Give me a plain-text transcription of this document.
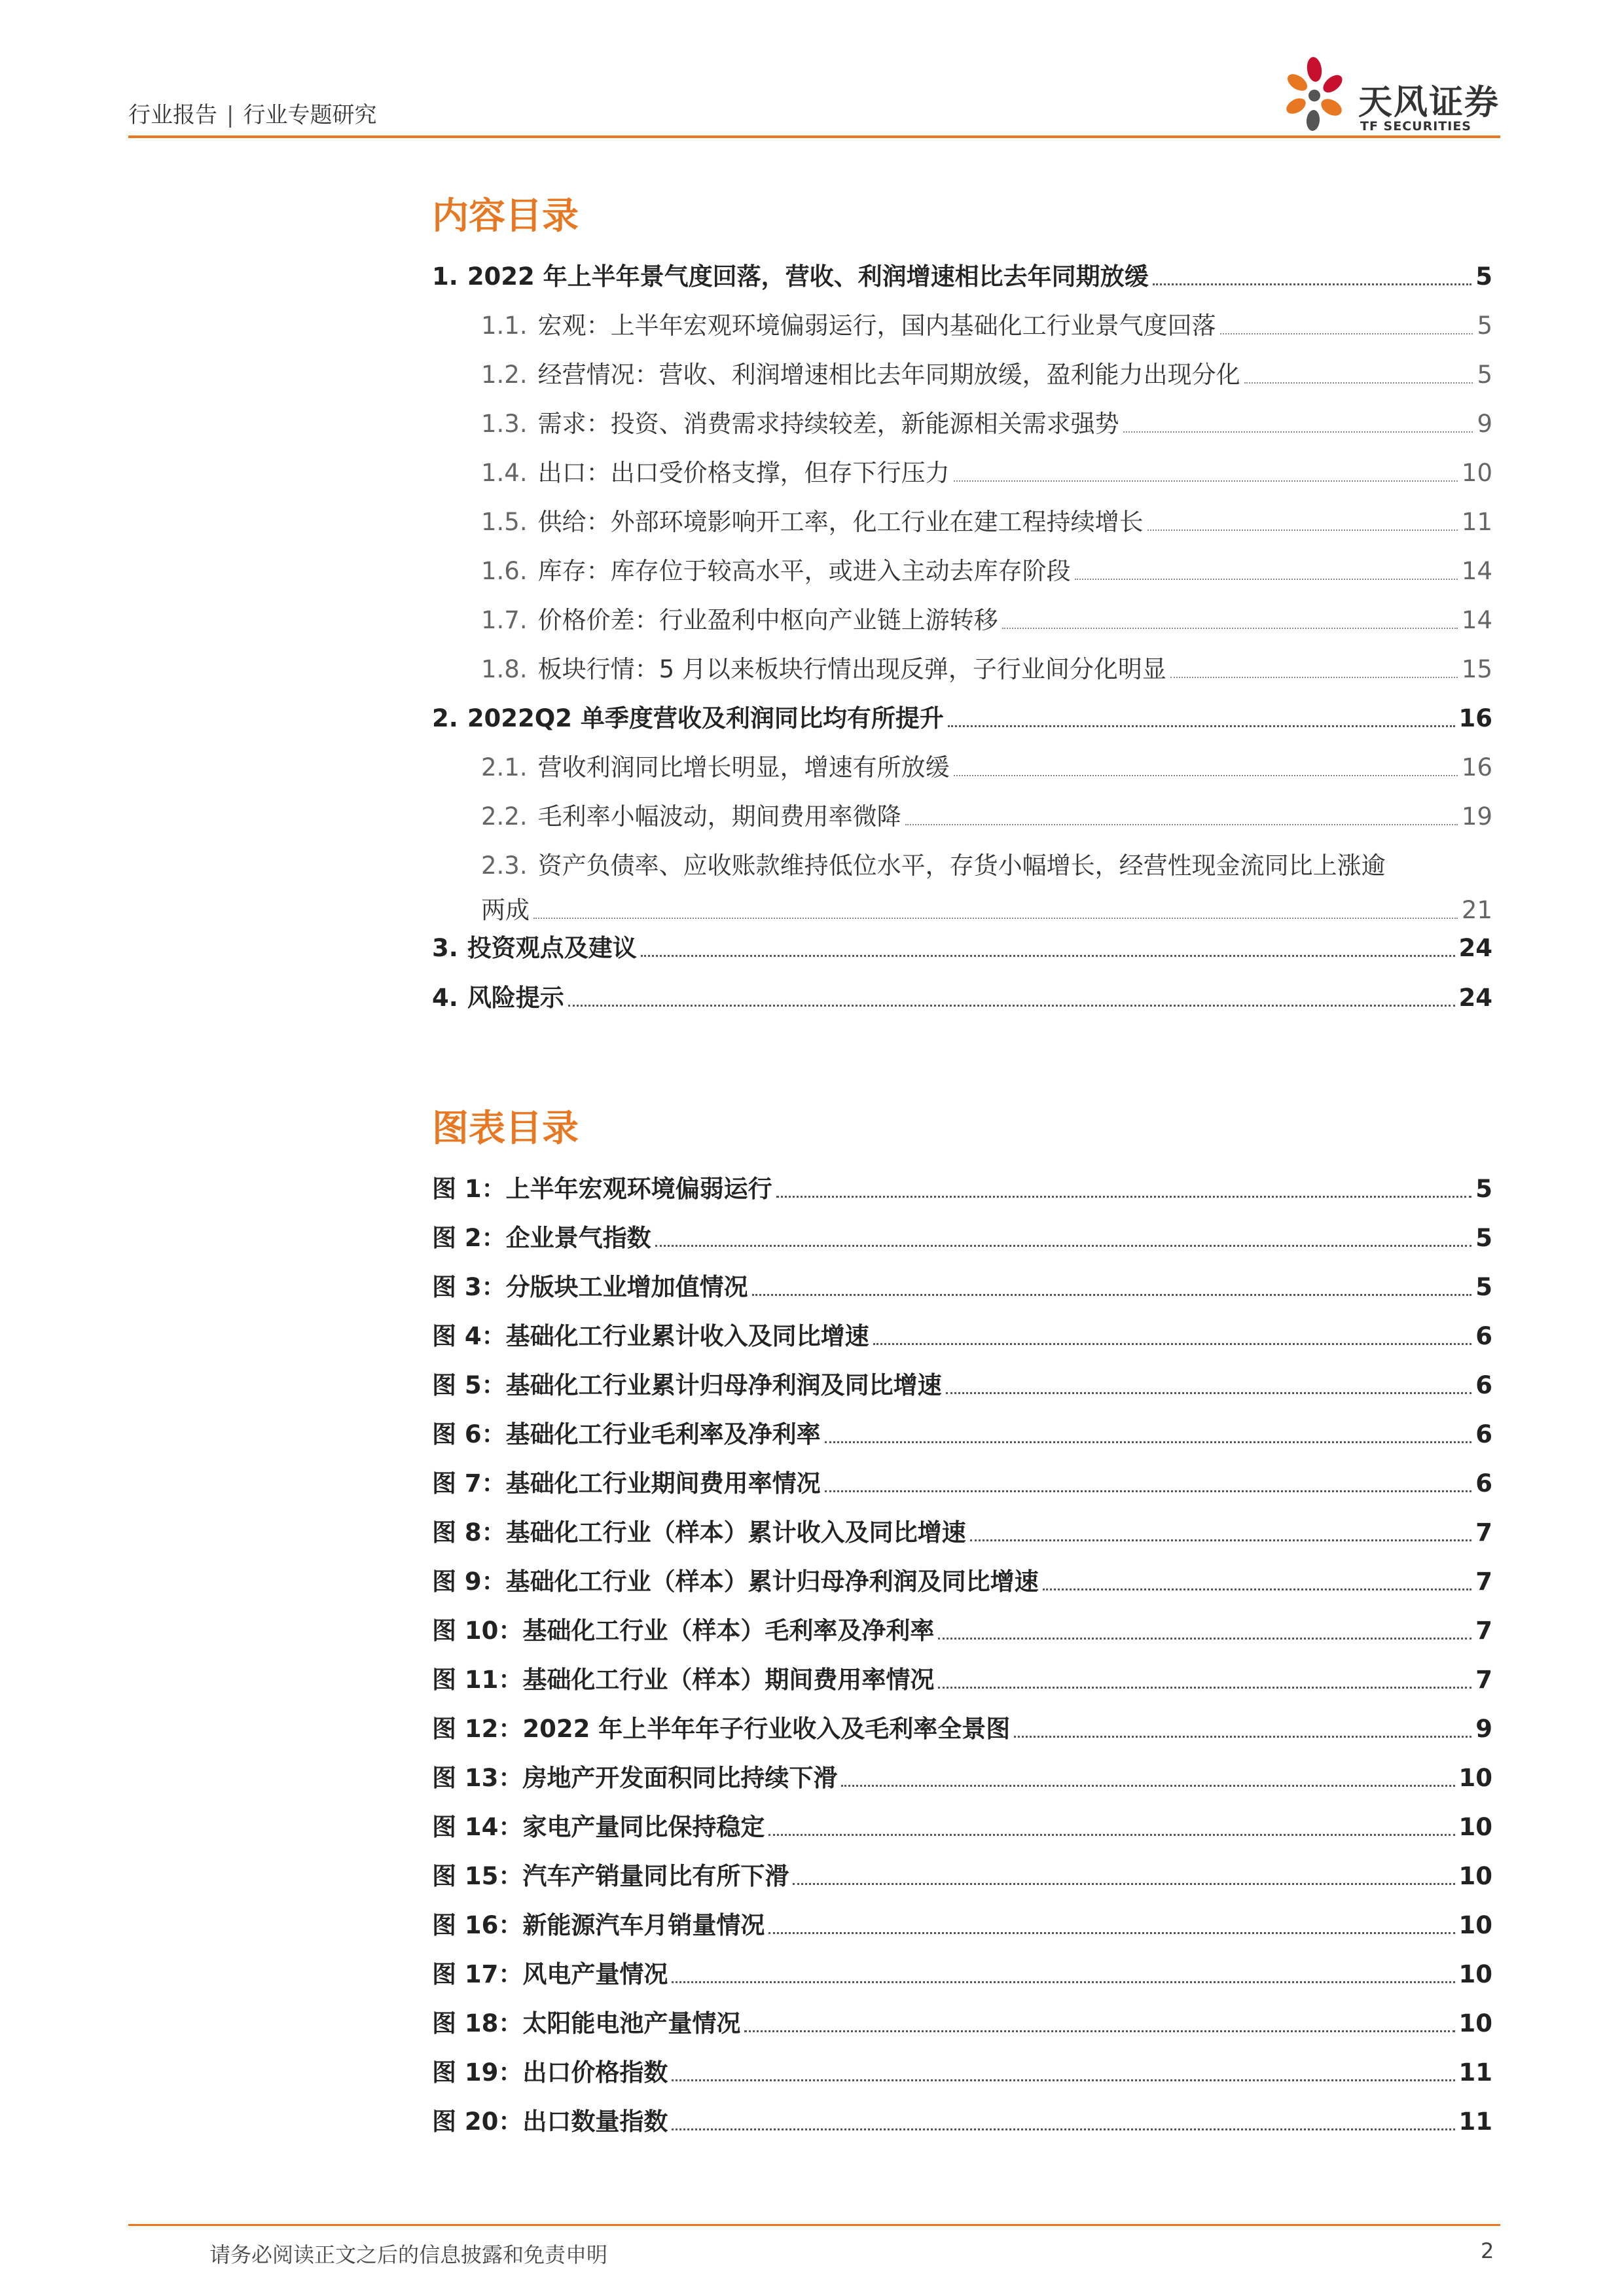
行业报告 | 行业专题研究	天风证券
TF SECURITIES
内容目录
1. 2022 年上半年景气度回落，营收、利润增速相比去年同期放缓	5
1.1. 宏观：上半年宏观环境偏弱运行，国内基础化工行业景气度回落	5
1.2. 经营情况：营收、利润增速相比去年同期放缓，盈利能力出现分化	5
1.3. 需求：投资、消费需求持续较差，新能源相关需求强势	9
1.4. 出口：出口受价格支撑，但存下行压力	10
1.5. 供给：外部环境影响开工率，化工行业在建工程持续增长	11
1.6. 库存：库存位于较高水平，或进入主动去库存阶段	14
1.7. 价格价差：行业盈利中枢向产业链上游转移	14
1.8. 板块行情：5 月以来板块行情出现反弹，子行业间分化明显	15
2. 2022Q2 单季度营收及利润同比均有所提升	16
2.1. 营收利润同比增长明显，增速有所放缓	16
2.2. 毛利率小幅波动，期间费用率微降	19
2.3. 资产负债率、应收账款维持低位水平，存货小幅增长，经营性现金流同比上涨逾
两成	21
3. 投资观点及建议	24
4. 风险提示	24
图表目录
图 1：上半年宏观环境偏弱运行	5
图 2：企业景气指数	5
图 3：分版块工业增加值情况	5
图 4：基础化工行业累计收入及同比增速	6
图 5：基础化工行业累计归母净利润及同比增速	6
图 6：基础化工行业毛利率及净利率	6
图 7：基础化工行业期间费用率情况	6
图 8：基础化工行业（样本）累计收入及同比增速	7
图 9：基础化工行业（样本）累计归母净利润及同比增速	7
图 10：基础化工行业（样本）毛利率及净利率	7
图 11：基础化工行业（样本）期间费用率情况	7
图 12：2022 年上半年年子行业收入及毛利率全景图	9
图 13：房地产开发面积同比持续下滑	10
图 14：家电产量同比保持稳定	10
图 15：汽车产销量同比有所下滑	10
图 16：新能源汽车月销量情况	10
图 17：风电产量情况	10
图 18：太阳能电池产量情况	10
图 19：出口价格指数	11
图 20：出口数量指数	11
请务必阅读正文之后的信息披露和免责申明	2
